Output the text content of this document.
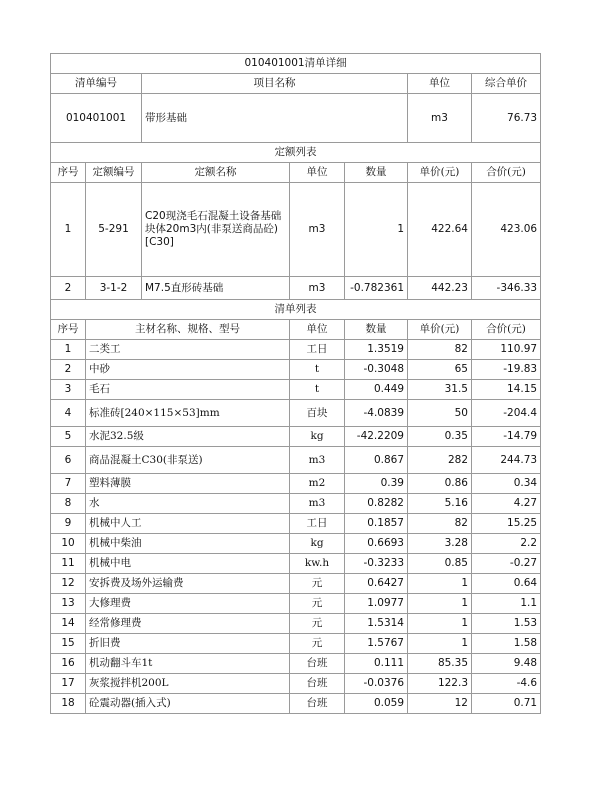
010401001清单详细						
清单编号		项目名称			单位	综合单价
010401001		带形基础			m3	76.73
定额列表						
序号	定额编号	定额名称	单位	数量	单价(元)	合价(元)
1	5-291	C20现浇毛石混凝土设备基础块体20m3内(非泵送商品砼)[C30]	m3	1	422.64	423.06
2	3-1-2	M7.5直形砖基础	m3	-0.782361	442.23	-346.33
清单列表						
序号	主材名称、规格、型号		单位	数量	单价(元)	合价(元)
1	二类工		工日	1.3519	82	110.97
2	中砂		t	-0.3048	65	-19.83
3	毛石		t	0.449	31.5	14.15
4	标准砖[240×115×53]mm		百块	-4.0839	50	-204.4
5	水泥32.5级		kg	-42.2209	0.35	-14.79
6	商品混凝土C30(非泵送)		m3	0.867	282	244.73
7	塑料薄膜		m2	0.39	0.86	0.34
8	水		m3	0.8282	5.16	4.27
9	机械中人工		工日	0.1857	82	15.25
10	机械中柴油		kg	0.6693	3.28	2.2
11	机械中电		kw.h	-0.3233	0.85	-0.27
12	安拆费及场外运输费		元	0.6427	1	0.64
13	大修理费		元	1.0977	1	1.1
14	经常修理费		元	1.5314	1	1.53
15	折旧费		元	1.5767	1	1.58
16	机动翻斗车1t		台班	0.111	85.35	9.48
17	灰浆搅拌机200L		台班	-0.0376	122.3	-4.6
18	砼震动器(插入式)		台班	0.059	12	0.71
